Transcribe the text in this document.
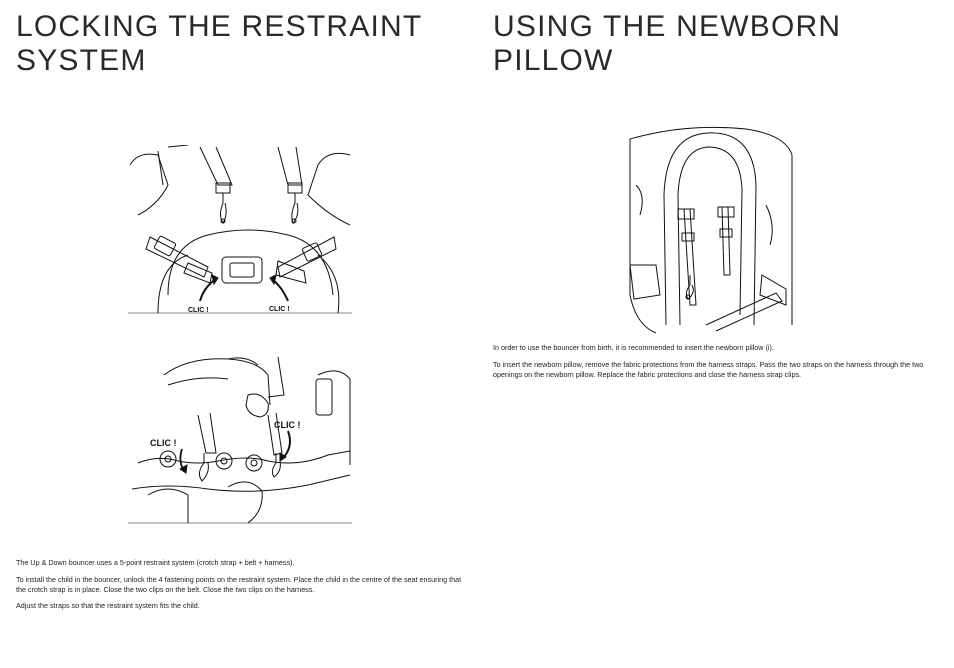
LOCKING THE RESTRAINT SYSTEM
CLIC !	CLIC !
CLIC !
CLIC !

The Up & Down bouncer uses a 5-point restraint system (crotch strap + belt + harness).

To install the child in the bouncer, unlock the 4 fastening points on the restraint system. Place the child in the centre of the seat ensuring that the crotch strap is in place. Close the two clips on the belt. Close the two clips on the harness.

Adjust the straps so that the restraint system fits the child.

USING THE NEWBORN PILLOW

In order to use the bouncer from birth, it is recommended to insert the newborn pillow (i).

To insert the newborn pillow, remove the fabric protections from the harness straps. Pass the two straps on the harness through the two openings on the newborn pillow. Replace the fabric protections and close the harness strap clips.
